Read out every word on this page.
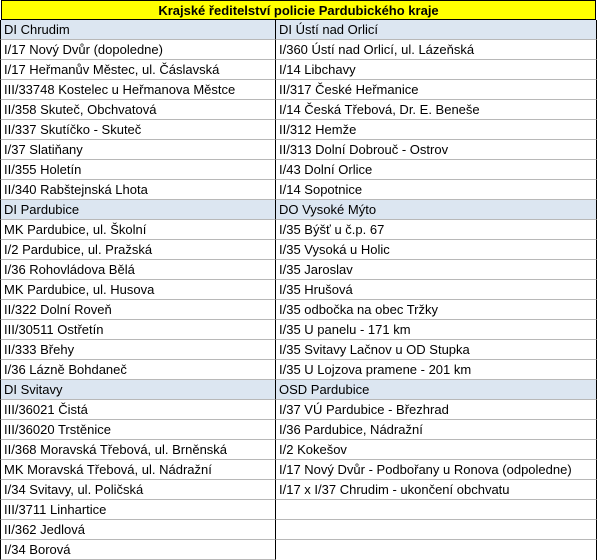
Krajské ředitelství policie Pardubického kraje
DI Chrudim
I/17 Nový Dvůr (dopoledne)
I/17 Heřmanův Městec, ul. Čáslavská
III/33748 Kostelec u Heřmanova Městce
II/358 Skuteč, Obchvatová
II/337 Skutíčko - Skuteč
I/37 Slatiňany
II/355 Holetín
II/340 Rabštejnská Lhota
DI Pardubice
MK Pardubice, ul. Školní
I/2 Pardubice, ul. Pražská
I/36 Rohovládova Bělá
MK Pardubice, ul. Husova
II/322 Dolní Roveň
III/30511 Ostřetín
II/333 Břehy
I/36 Lázně Bohdaneč
DI Svitavy
III/36021 Čistá
III/36020 Trstěnice
II/368 Moravská Třebová, ul. Brněnská
MK Moravská Třebová, ul. Nádražní
I/34 Svitavy, ul. Poličská
III/3711 Linhartice
II/362 Jedlová
I/34 Borová
DI Ústí nad Orlicí
I/360 Ústí nad Orlicí, ul. Lázeňská
I/14 Libchavy
II/317 České Heřmanice
I/14 Česká Třebová, Dr. E. Beneše
II/312 Hemže
II/313 Dolní Dobrouč - Ostrov
I/43 Dolní Orlice
I/14 Sopotnice
DO Vysoké Mýto
I/35 Býšť u č.p. 67
I/35 Vysoká u Holic
I/35 Jaroslav
I/35 Hrušová
I/35 odbočka na obec Tržky
I/35 U panelu - 171 km
I/35 Svitavy Lačnov u OD Stupka
I/35 U Lojzova pramene - 201 km
OSD Pardubice
I/37 VÚ Pardubice - Březhrad
I/36 Pardubice, Nádražní
I/2 Kokešov
I/17 Nový Dvůr - Podbořany u Ronova (odpoledne)
I/17 x I/37 Chrudim - ukončení obchvatu
